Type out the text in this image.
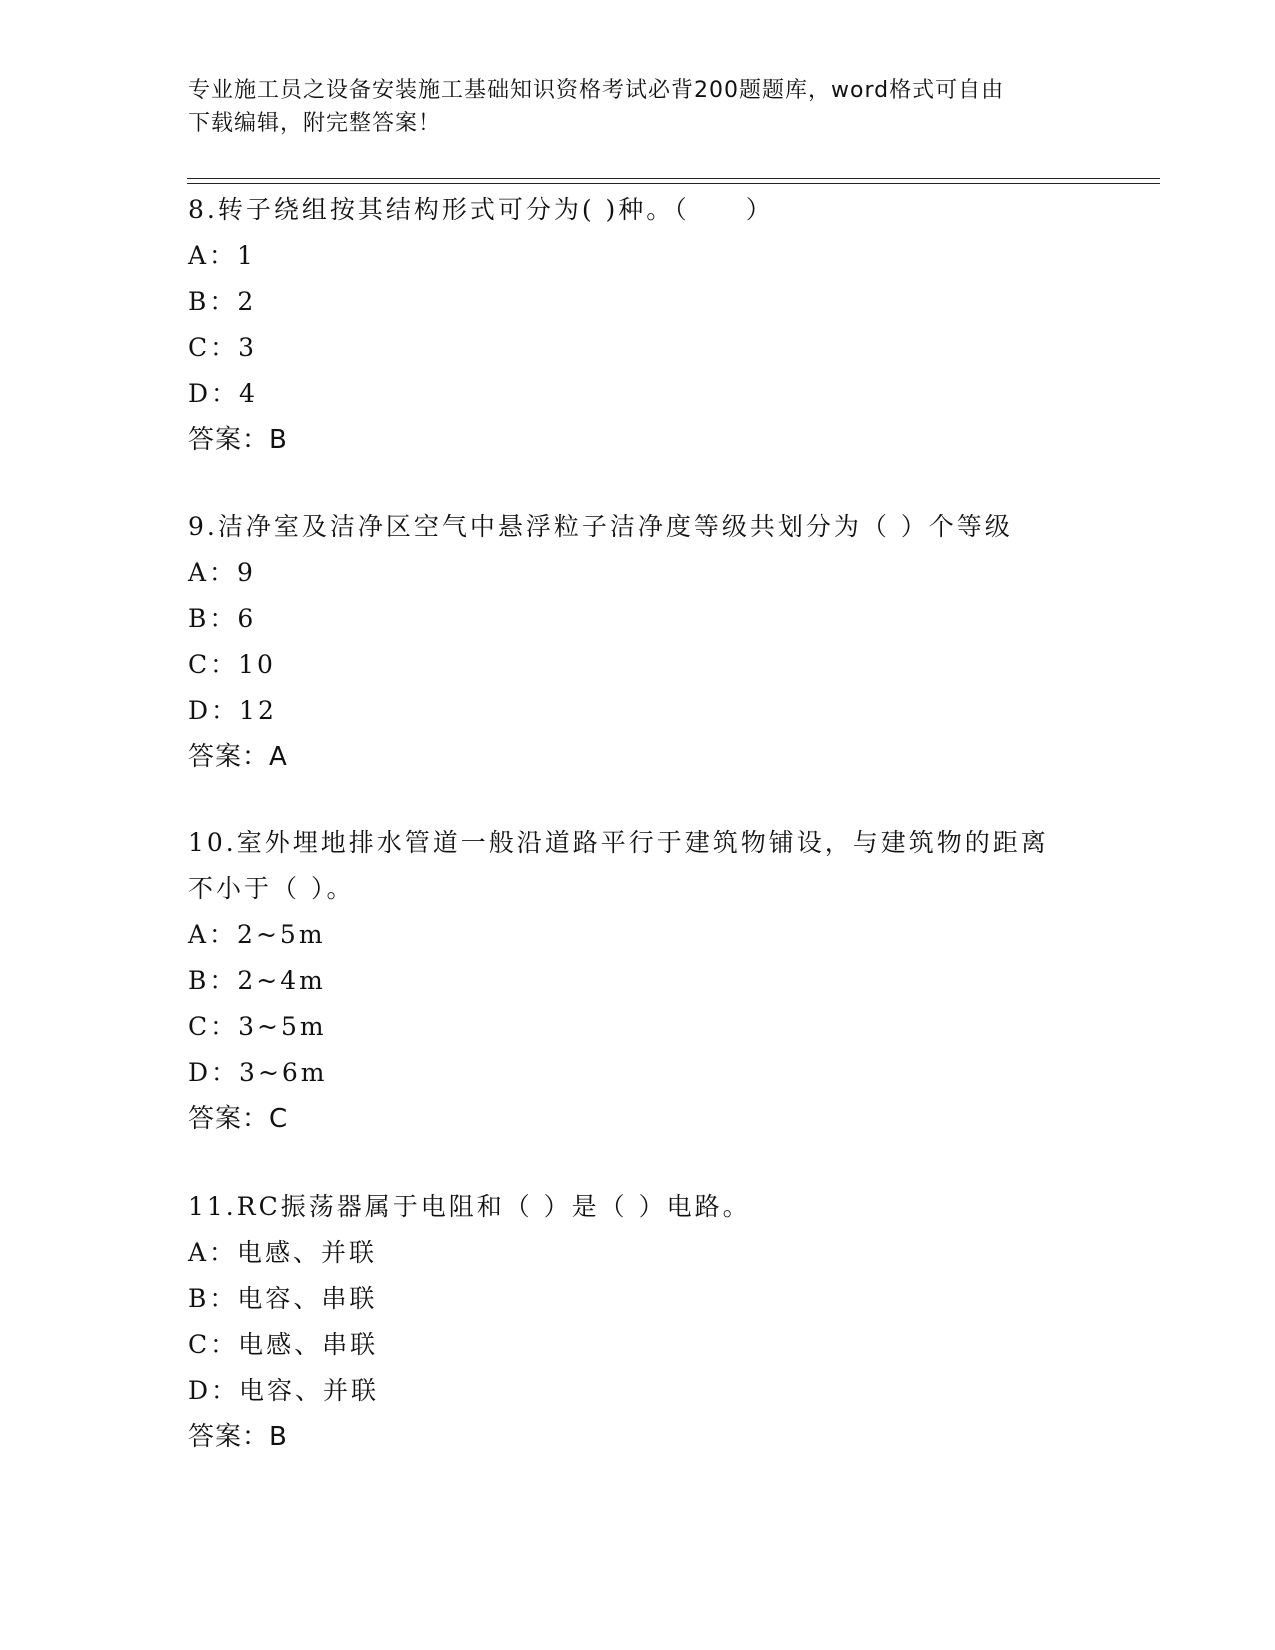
专业施工员之设备安装施工基础知识资格考试必背200题题库，word格式可自由
下载编辑，附完整答案！
8.转子绕组按其结构形式可分为( )种。（　　）
A：1
B：2
C：3
D：4
答案：B
9.洁净室及洁净区空气中悬浮粒子洁净度等级共划分为（ ）个等级
A：9
B：6
C：10
D：12
答案：A
10.室外埋地排水管道一般沿道路平行于建筑物铺设，与建筑物的距离
不小于（ ）。
A：2~5m
B：2~4m
C：3~5m
D：3~6m
答案：C
11.RC振荡器属于电阻和（ ）是（ ）电路。
A：电感、并联
B：电容、串联
C：电感、串联
D：电容、并联
答案：B
